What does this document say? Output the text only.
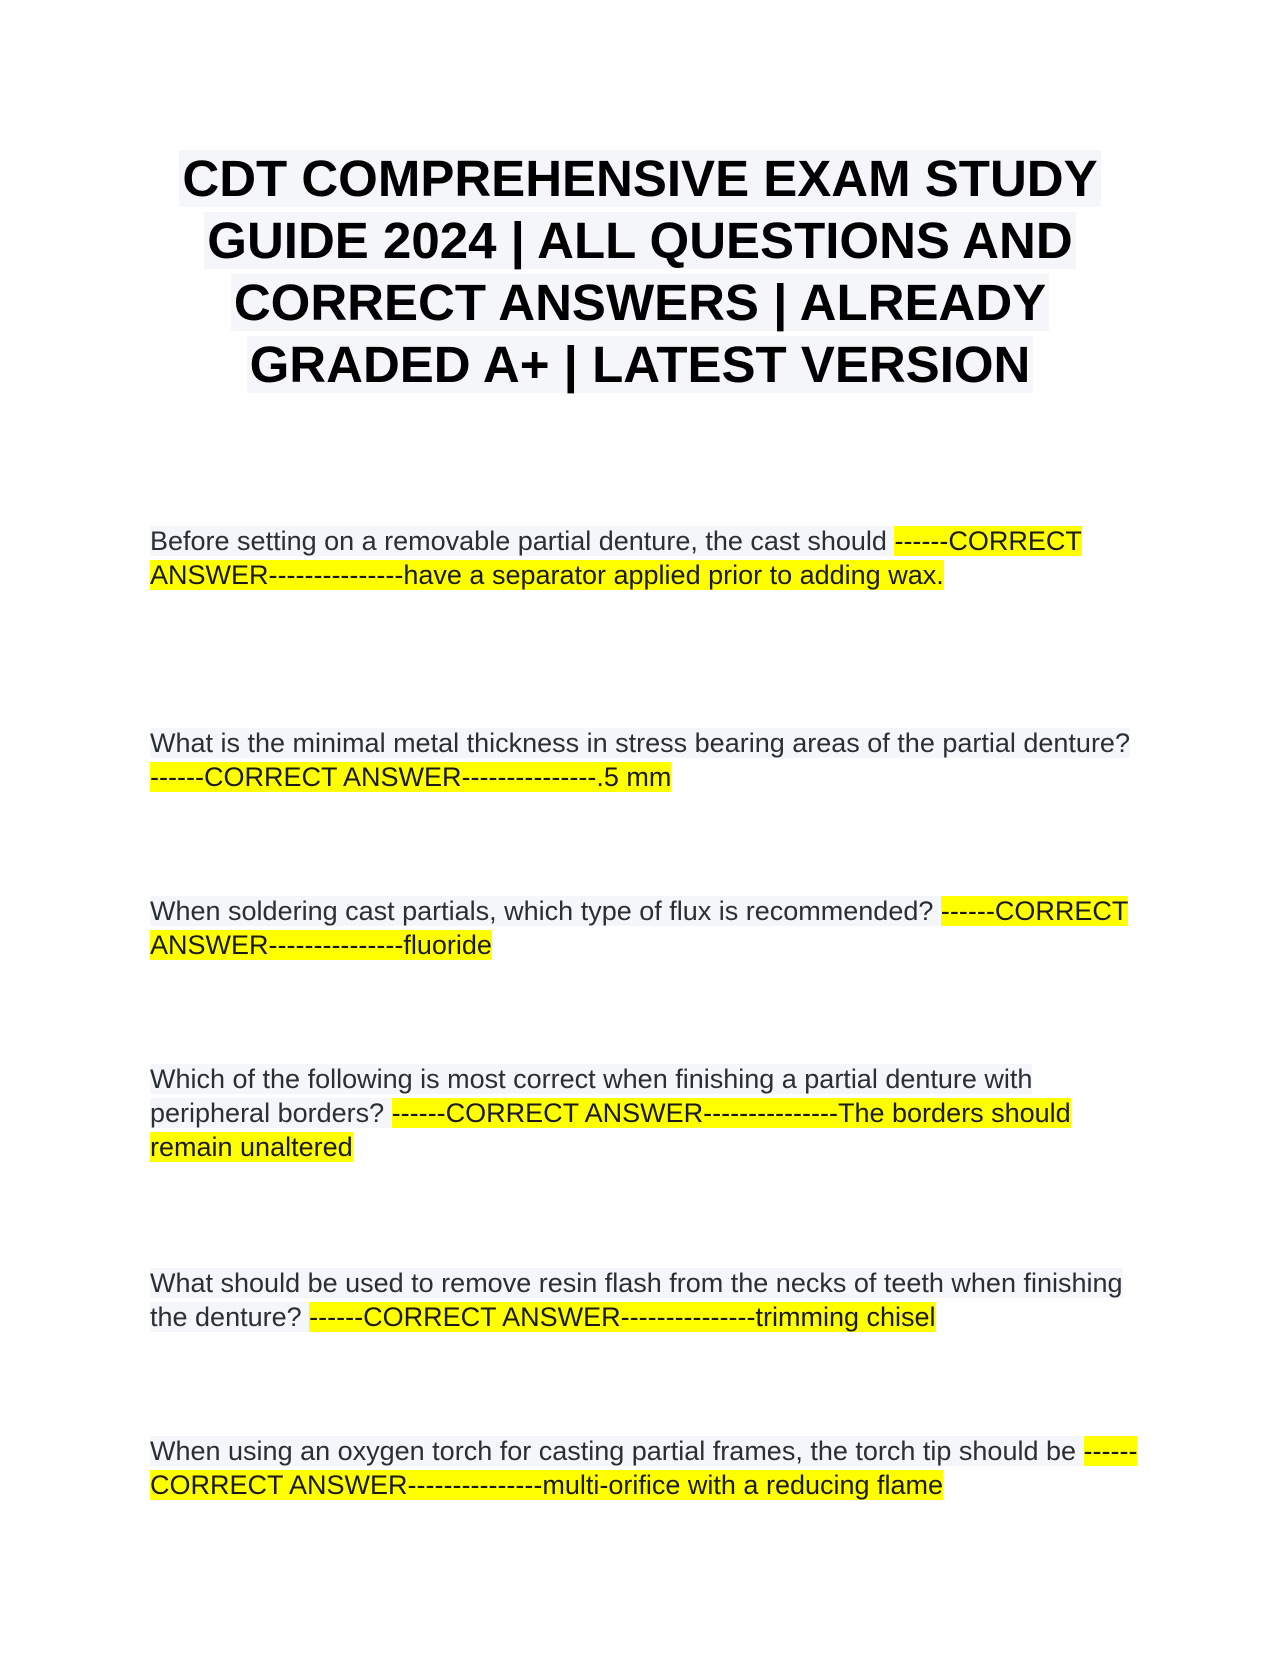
CDT COMPREHENSIVE EXAM STUDY GUIDE 2024 | ALL QUESTIONS AND CORRECT ANSWERS | ALREADY GRADED A+ | LATEST VERSION

Before setting on a removable partial denture, the cast should ------CORRECT ANSWER---------------have a separator applied prior to adding wax.

What is the minimal metal thickness in stress bearing areas of the partial denture? ------CORRECT ANSWER---------------.5 mm

When soldering cast partials, which type of flux is recommended? ------CORRECT ANSWER---------------fluoride

Which of the following is most correct when finishing a partial denture with peripheral borders? ------CORRECT ANSWER---------------The borders should remain unaltered

What should be used to remove resin flash from the necks of teeth when finishing the denture? ------CORRECT ANSWER---------------trimming chisel

When using an oxygen torch for casting partial frames, the torch tip should be ------CORRECT ANSWER---------------multi-orifice with a reducing flame
